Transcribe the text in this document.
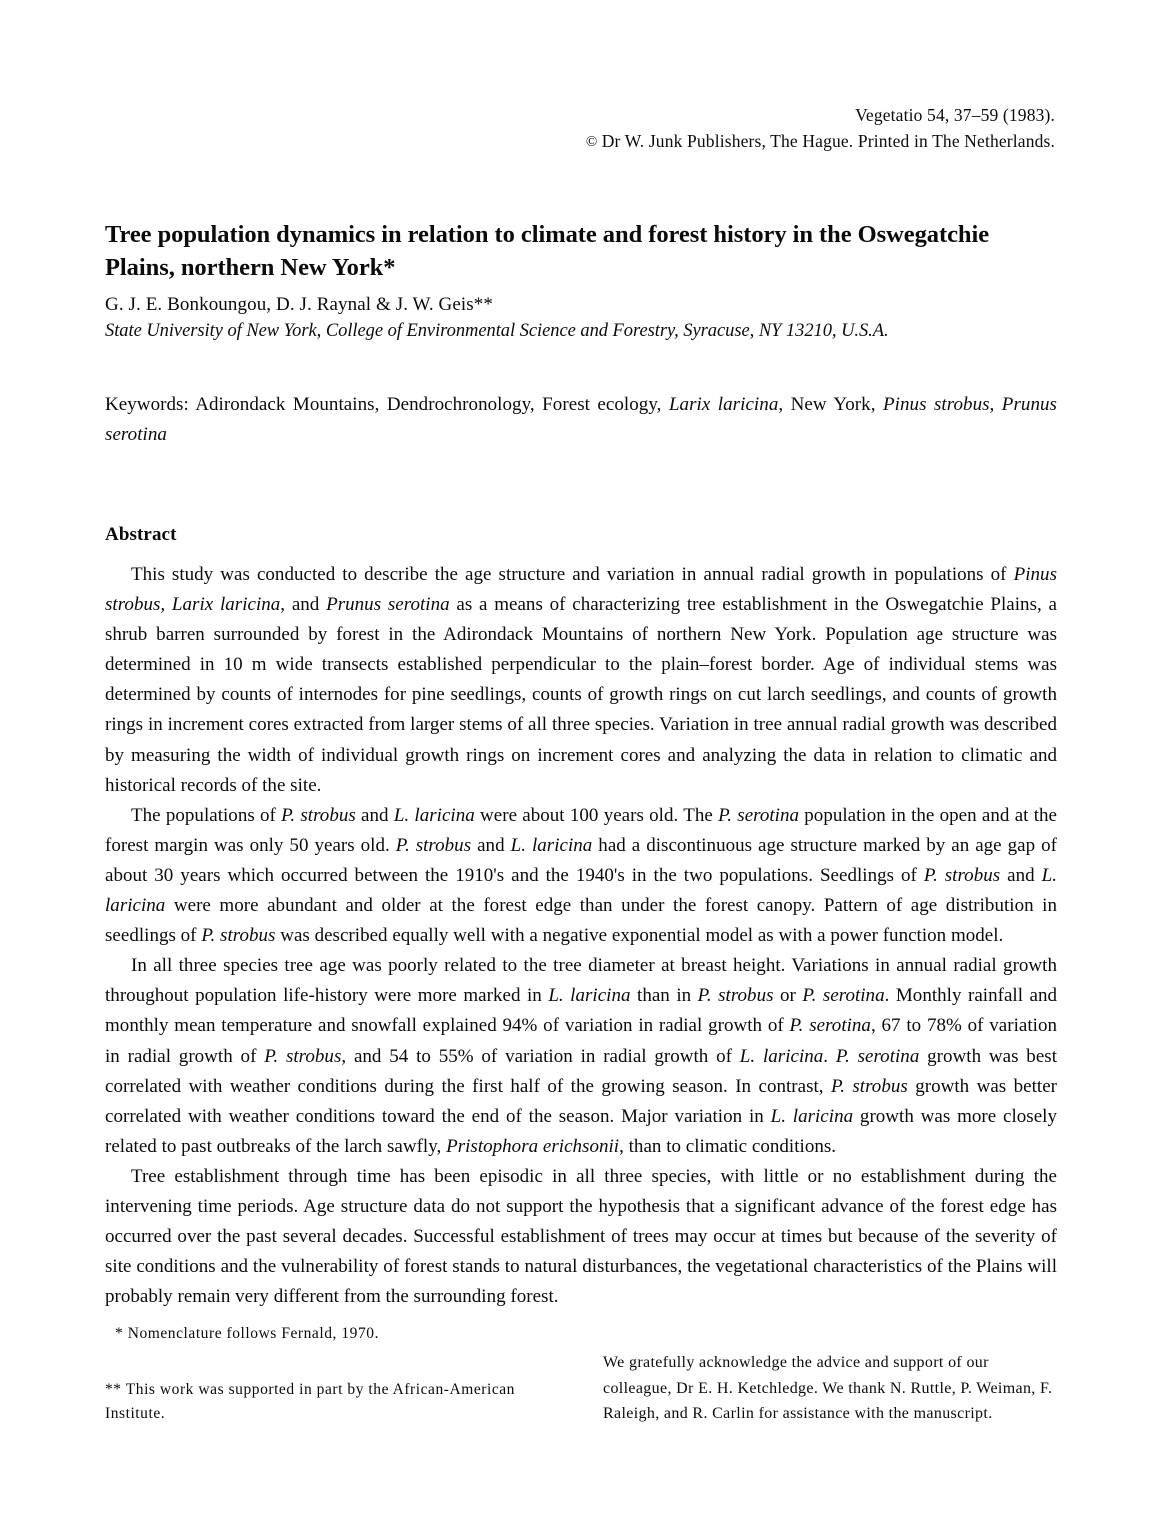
Vegetatio 54, 37–59 (1983).
© Dr W. Junk Publishers, The Hague. Printed in The Netherlands.
Tree population dynamics in relation to climate and forest history in the Oswegatchie Plains, northern New York*
G. J. E. Bonkoungou, D. J. Raynal & J. W. Geis**
State University of New York, College of Environmental Science and Forestry, Syracuse, NY 13210, U.S.A.
Keywords: Adirondack Mountains, Dendrochronology, Forest ecology, Larix laricina, New York, Pinus strobus, Prunus serotina
Abstract

This study was conducted to describe the age structure and variation in annual radial growth in populations of Pinus strobus, Larix laricina, and Prunus serotina as a means of characterizing tree establishment in the Oswegatchie Plains, a shrub barren surrounded by forest in the Adirondack Mountains of northern New York. Population age structure was determined in 10 m wide transects established perpendicular to the plain–forest border. Age of individual stems was determined by counts of internodes for pine seedlings, counts of growth rings on cut larch seedlings, and counts of growth rings in increment cores extracted from larger stems of all three species. Variation in tree annual radial growth was described by measuring the width of individual growth rings on increment cores and analyzing the data in relation to climatic and historical records of the site.

The populations of P. strobus and L. laricina were about 100 years old. The P. serotina population in the open and at the forest margin was only 50 years old. P. strobus and L. laricina had a discontinuous age structure marked by an age gap of about 30 years which occurred between the 1910's and the 1940's in the two populations. Seedlings of P. strobus and L. laricina were more abundant and older at the forest edge than under the forest canopy. Pattern of age distribution in seedlings of P. strobus was described equally well with a negative exponential model as with a power function model.

In all three species tree age was poorly related to the tree diameter at breast height. Variations in annual radial growth throughout population life-history were more marked in L. laricina than in P. strobus or P. serotina. Monthly rainfall and monthly mean temperature and snowfall explained 94% of variation in radial growth of P. serotina, 67 to 78% of variation in radial growth of P. strobus, and 54 to 55% of variation in radial growth of L. laricina. P. serotina growth was best correlated with weather conditions during the first half of the growing season. In contrast, P. strobus growth was better correlated with weather conditions toward the end of the season. Major variation in L. laricina growth was more closely related to past outbreaks of the larch sawfly, Pristophora erichsonii, than to climatic conditions.

Tree establishment through time has been episodic in all three species, with little or no establishment during the intervening time periods. Age structure data do not support the hypothesis that a significant advance of the forest edge has occurred over the past several decades. Successful establishment of trees may occur at times but because of the severity of site conditions and the vulnerability of forest stands to natural disturbances, the vegetational characteristics of the Plains will probably remain very different from the surrounding forest.

* Nomenclature follows Fernald, 1970.
** This work was supported in part by the African-American Institute.
We gratefully acknowledge the advice and support of our colleague, Dr E. H. Ketchledge. We thank N. Ruttle, P. Weiman, F. Raleigh, and R. Carlin for assistance with the manuscript.
